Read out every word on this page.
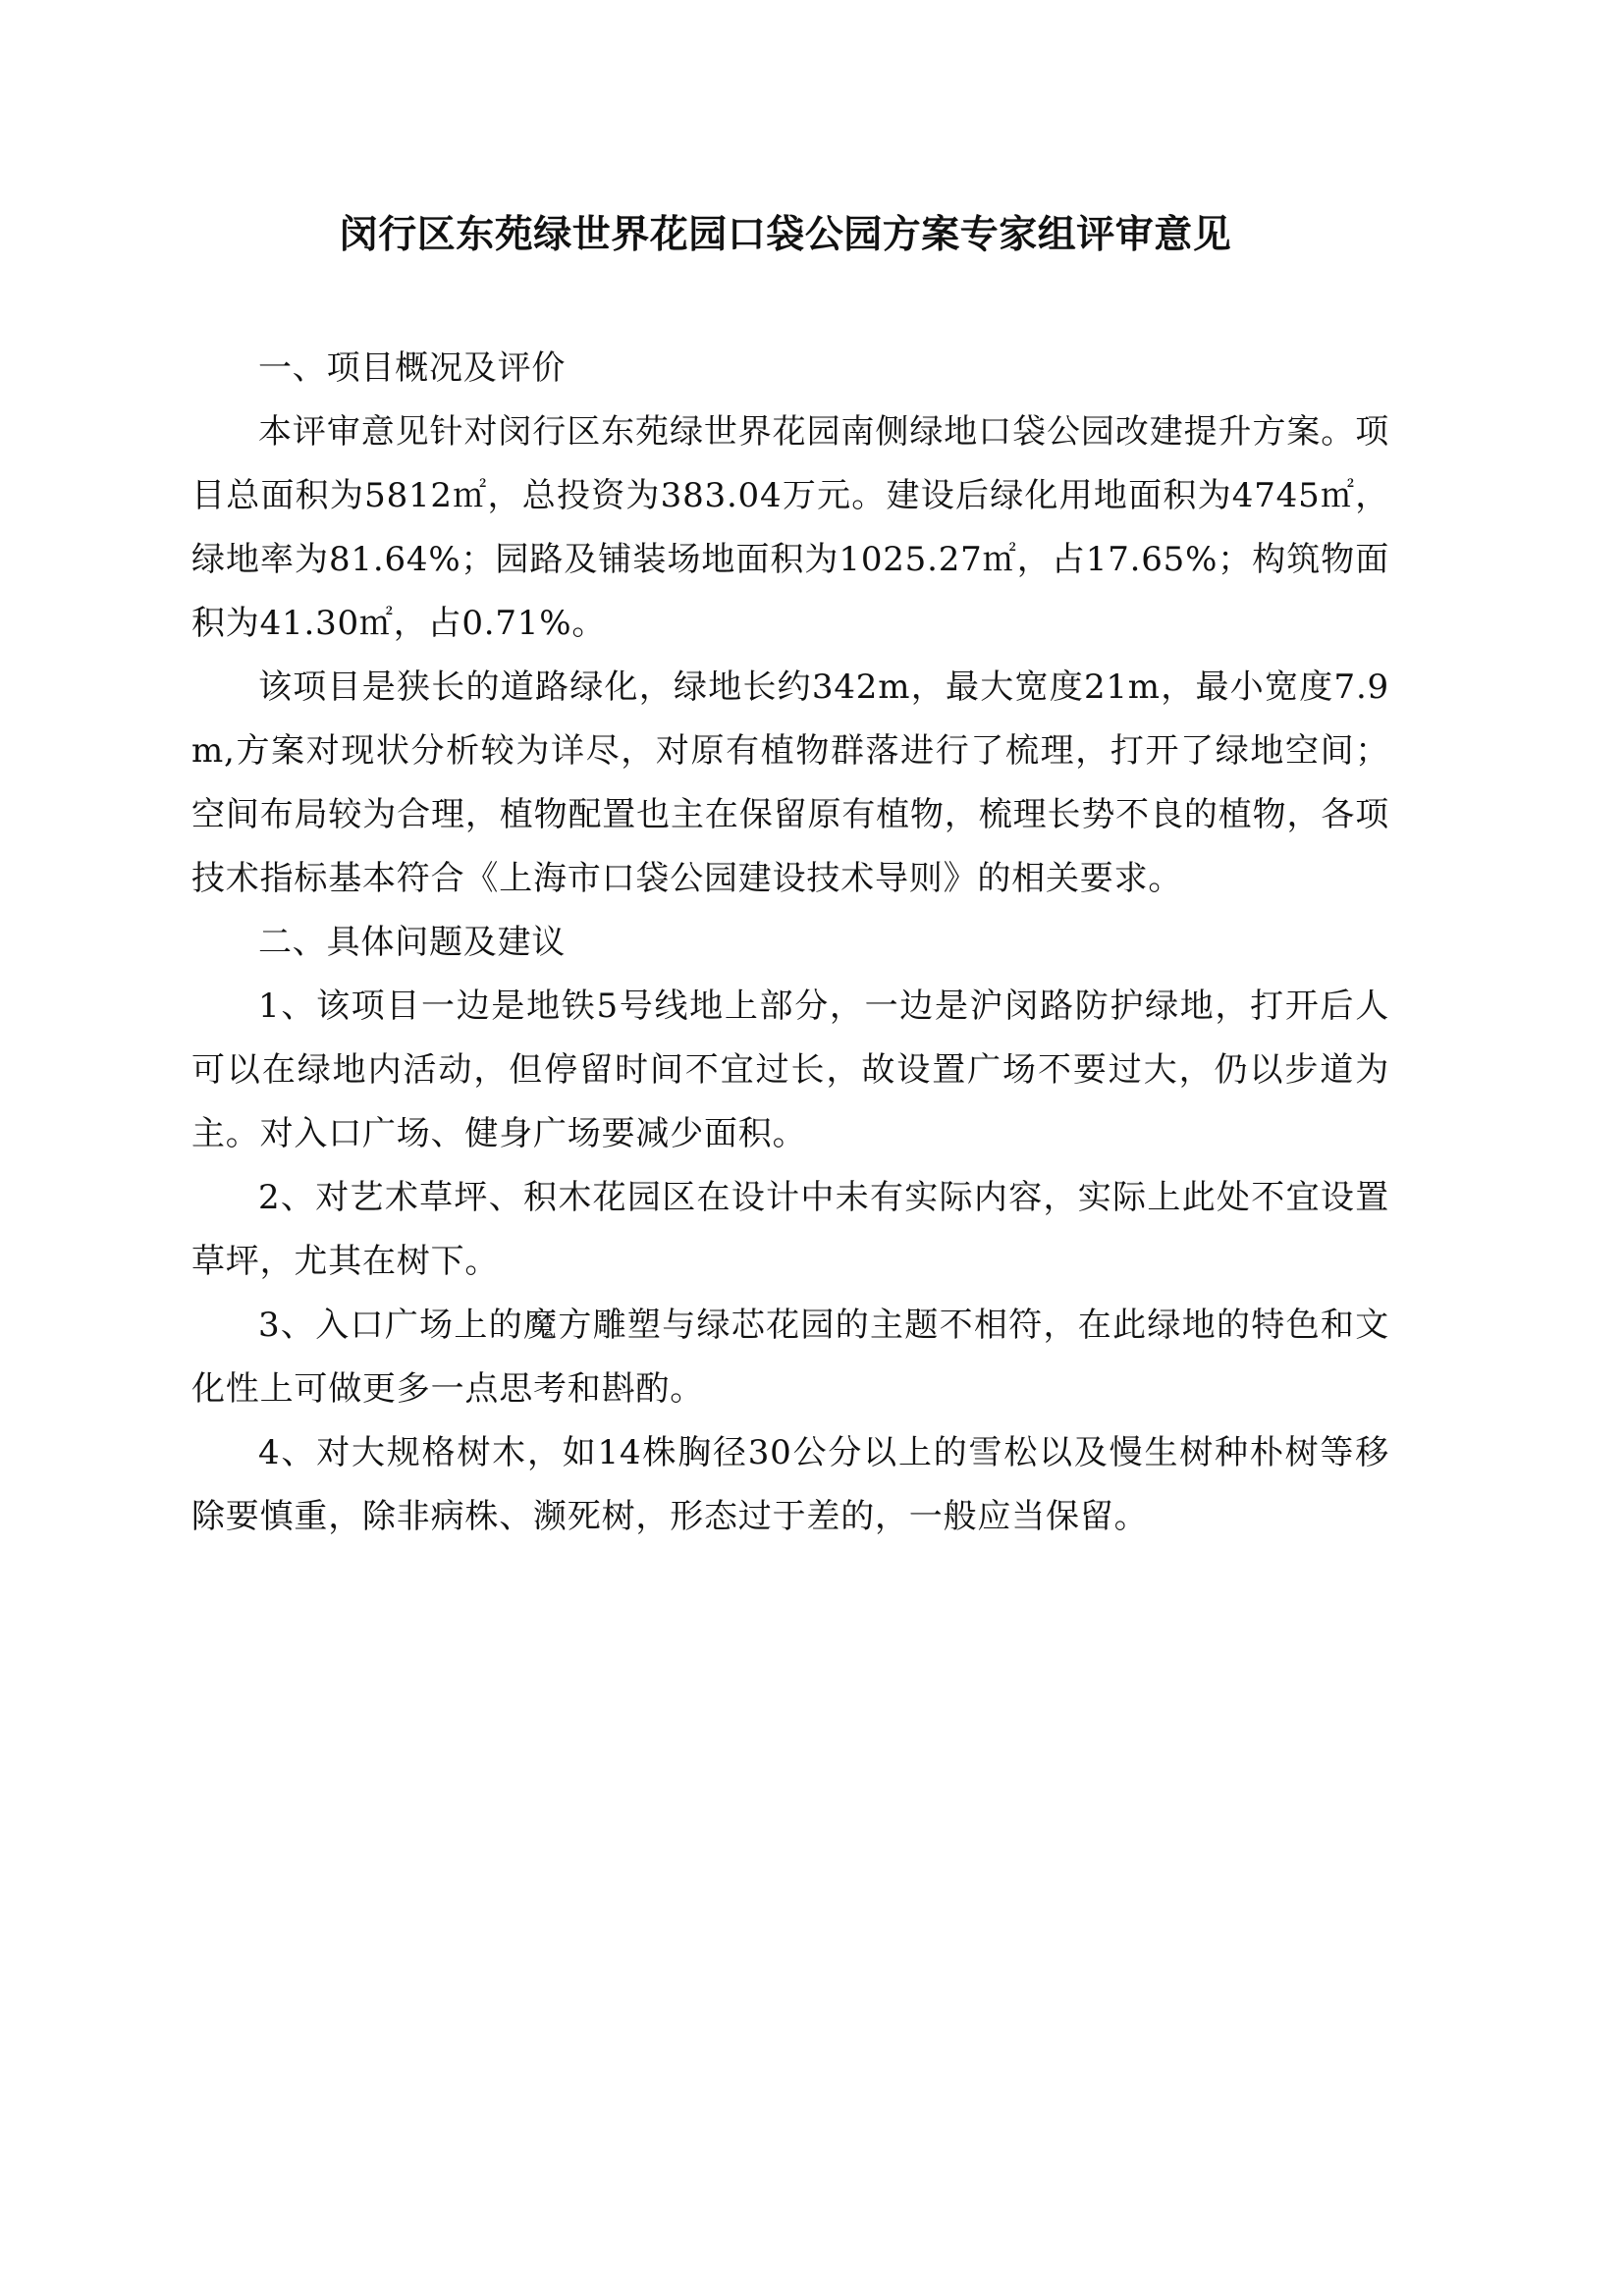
闵行区东苑绿世界花园口袋公园方案专家组评审意见

一、项目概况及评价

本评审意见针对闵行区东苑绿世界花园南侧绿地口袋公园改建提升方案。项目总面积为5812㎡，总投资为383.04万元。建设后绿化用地面积为4745㎡，绿地率为81.64%；园路及铺装场地面积为1025.27㎡，占17.65%；构筑物面积为41.30㎡，占0.71%。

该项目是狭长的道路绿化，绿地长约342m，最大宽度21m，最小宽度7.9m,方案对现状分析较为详尽，对原有植物群落进行了梳理，打开了绿地空间；空间布局较为合理，植物配置也主在保留原有植物，梳理长势不良的植物，各项技术指标基本符合《上海市口袋公园建设技术导则》的相关要求。

二、具体问题及建议

1、该项目一边是地铁5号线地上部分，一边是沪闵路防护绿地，打开后人可以在绿地内活动，但停留时间不宜过长，故设置广场不要过大，仍以步道为主。对入口广场、健身广场要减少面积。

2、对艺术草坪、积木花园区在设计中未有实际内容，实际上此处不宜设置草坪，尤其在树下。

3、入口广场上的魔方雕塑与绿芯花园的主题不相符，在此绿地的特色和文化性上可做更多一点思考和斟酌。

4、对大规格树木，如14株胸径30公分以上的雪松以及慢生树种朴树等移除要慎重，除非病株、濒死树，形态过于差的，一般应当保留。
